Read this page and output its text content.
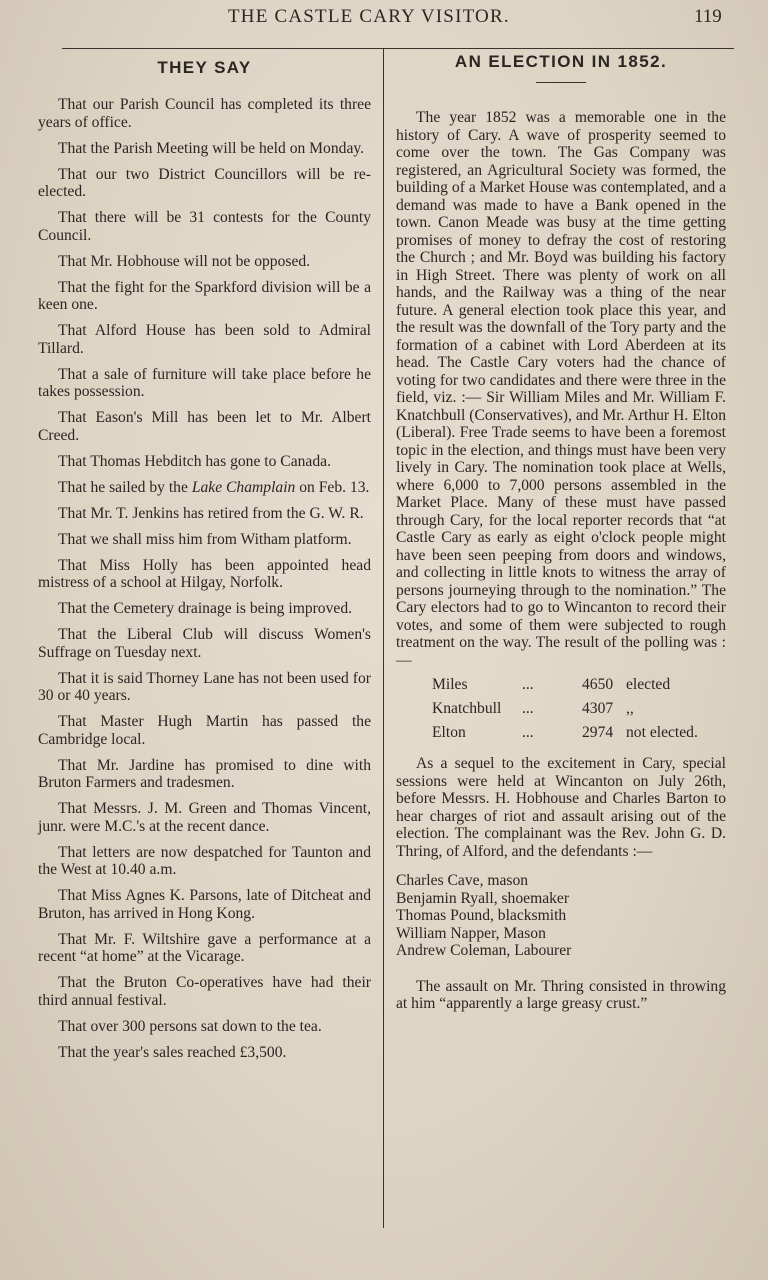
THE CASTLE CARY VISITOR.	119
THEY SAY
That our Parish Council has completed its three years of office.
That the Parish Meeting will be held on Monday.
That our two District Councillors will be re-elected.
That there will be 31 contests for the County Council.
That Mr. Hobhouse will not be opposed.
That the fight for the Sparkford division will be a keen one.
That Alford House has been sold to Admiral Tillard.
That a sale of furniture will take place before he takes possession.
That Eason's Mill has been let to Mr. Albert Creed.
That Thomas Hebditch has gone to Canada.
That he sailed by the Lake Champlain on Feb. 13.
That Mr. T. Jenkins has retired from the G. W. R.
That we shall miss him from Witham platform.
That Miss Holly has been appointed head mistress of a school at Hilgay, Norfolk.
That the Cemetery drainage is being improved.
That the Liberal Club will discuss Women's Suffrage on Tuesday next.
That it is said Thorney Lane has not been used for 30 or 40 years.
That Master Hugh Martin has passed the Cambridge local.
That Mr. Jardine has promised to dine with Bruton Farmers and tradesmen.
That Messrs. J. M. Green and Thomas Vincent, junr. were M.C.'s at the recent dance.
That letters are now despatched for Taunton and the West at 10.40 a.m.
That Miss Agnes K. Parsons, late of Ditcheat and Bruton, has arrived in Hong Kong.
That Mr. F. Wiltshire gave a performance at a recent “at home” at the Vicarage.
That the Bruton Co-operatives have had their third annual festival.
That over 300 persons sat down to the tea.
That the year's sales reached £3,500.
AN ELECTION IN 1852.

The year 1852 was a memorable one in the history of Cary. A wave of prosperity seemed to come over the town. The Gas Company was registered, an Agricultural Society was formed, the building of a Market House was contemplated, and a demand was made to have a Bank opened in the town. Canon Meade was busy at the time getting promises of money to defray the cost of restoring the Church ; and Mr. Boyd was building his factory in High Street. There was plenty of work on all hands, and the Railway was a thing of the near future. A general election took place this year, and the result was the downfall of the Tory party and the formation of a cabinet with Lord Aberdeen at its head. The Castle Cary voters had the chance of voting for two candidates and there were three in the field, viz. :— Sir William Miles and Mr. William F. Knatchbull (Conservatives), and Mr. Arthur H. Elton (Liberal). Free Trade seems to have been a foremost topic in the election, and things must have been very lively in Cary. The nomination took place at Wells, where 6,000 to 7,000 persons assembled in the Market Place. Many of these must have passed through Cary, for the local reporter records that “at Castle Cary as early as eight o'clock people might have been seen peeping from doors and windows, and collecting in little knots to witness the array of persons journeying through to the nomination.” The Cary electors had to go to Wincanton to record their votes, and some of them were subjected to rough treatment on the way. The result of the polling was :—

Miles	...	4650	elected
Knatchbull	...	4307	,,
Elton	...	2974	not elected.

As a sequel to the excitement in Cary, special sessions were held at Wincanton on July 26th, before Messrs. H. Hobhouse and Charles Barton to hear charges of riot and assault arising out of the election. The complainant was the Rev. John G. D. Thring, of Alford, and the defendants :—

Charles Cave, mason
Benjamin Ryall, shoemaker
Thomas Pound, blacksmith
William Napper, Mason
Andrew Coleman, Labourer

The assault on Mr. Thring consisted in throwing at him “apparently a large greasy crust.”
